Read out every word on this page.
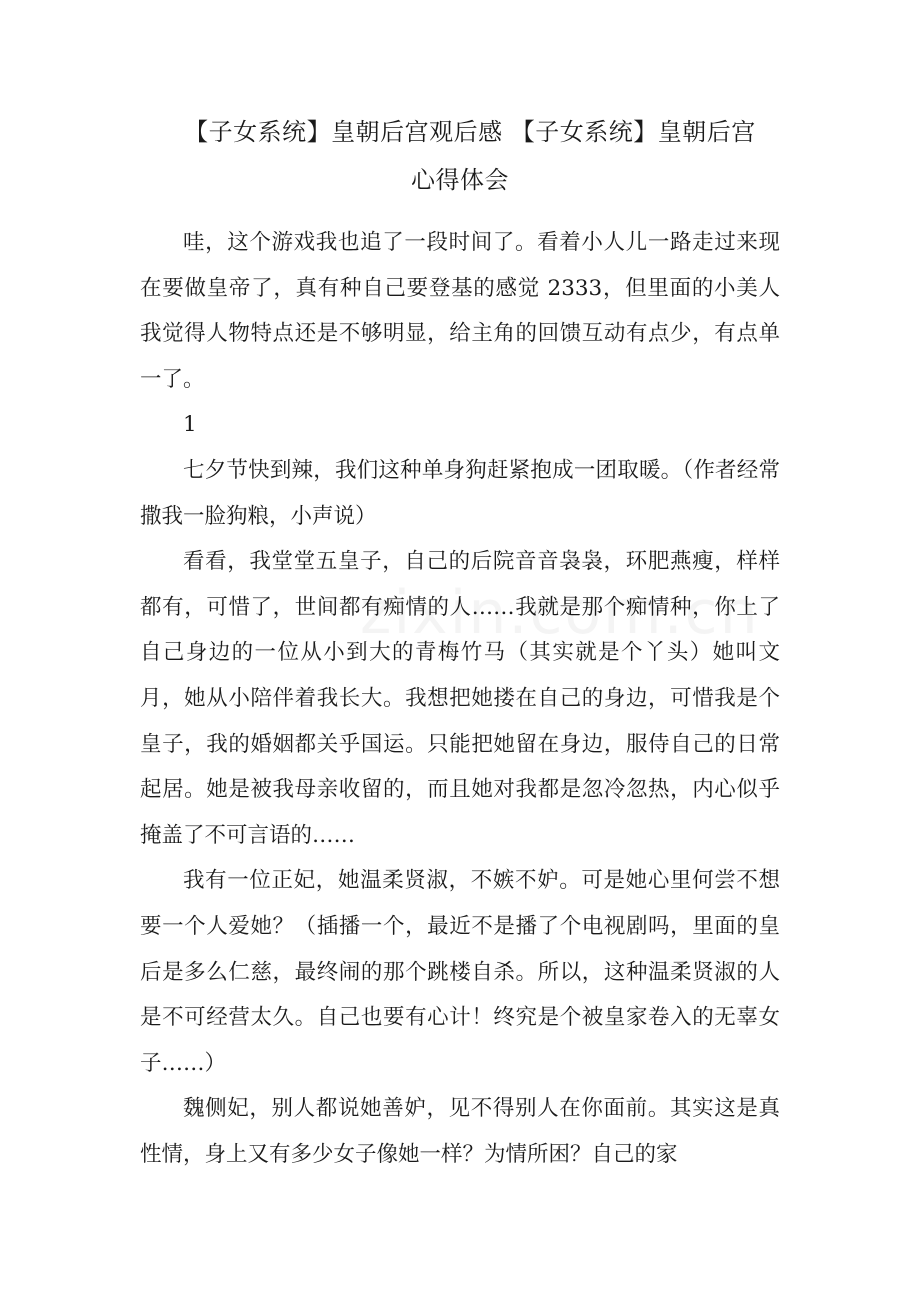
【子女系统】皇朝后宫观后感 【子女系统】皇朝后宫
心得体会

哇，这个游戏我也追了一段时间了。看着小人儿一路走过来现在要做皇帝了，真有种自己要登基的感觉 2333，但里面的小美人我觉得人物特点还是不够明显，给主角的回馈互动有点少，有点单一了。

1

七夕节快到辣，我们这种单身狗赶紧抱成一团取暖。（作者经常撒我一脸狗粮，小声说）

看看，我堂堂五皇子，自己的后院音音袅袅，环肥燕瘦，样样都有，可惜了，世间都有痴情的人……我就是那个痴情种，你上了自己身边的一位从小到大的青梅竹马（其实就是个丫头）她叫文月，她从小陪伴着我长大。我想把她搂在自己的身边，可惜我是个皇子，我的婚姻都关乎国运。只能把她留在身边，服侍自己的日常起居。她是被我母亲收留的，而且她对我都是忽冷忽热，内心似乎掩盖了不可言语的……

我有一位正妃，她温柔贤淑，不嫉不妒。可是她心里何尝不想要一个人爱她？（插播一个，最近不是播了个电视剧吗，里面的皇后是多么仁慈，最终闹的那个跳楼自杀。所以，这种温柔贤淑的人是不可经营太久。自己也要有心计！终究是个被皇家卷入的无辜女子……）

魏侧妃，别人都说她善妒，见不得别人在你面前。其实这是真性情，身上又有多少女子像她一样？为情所困？自己的家
